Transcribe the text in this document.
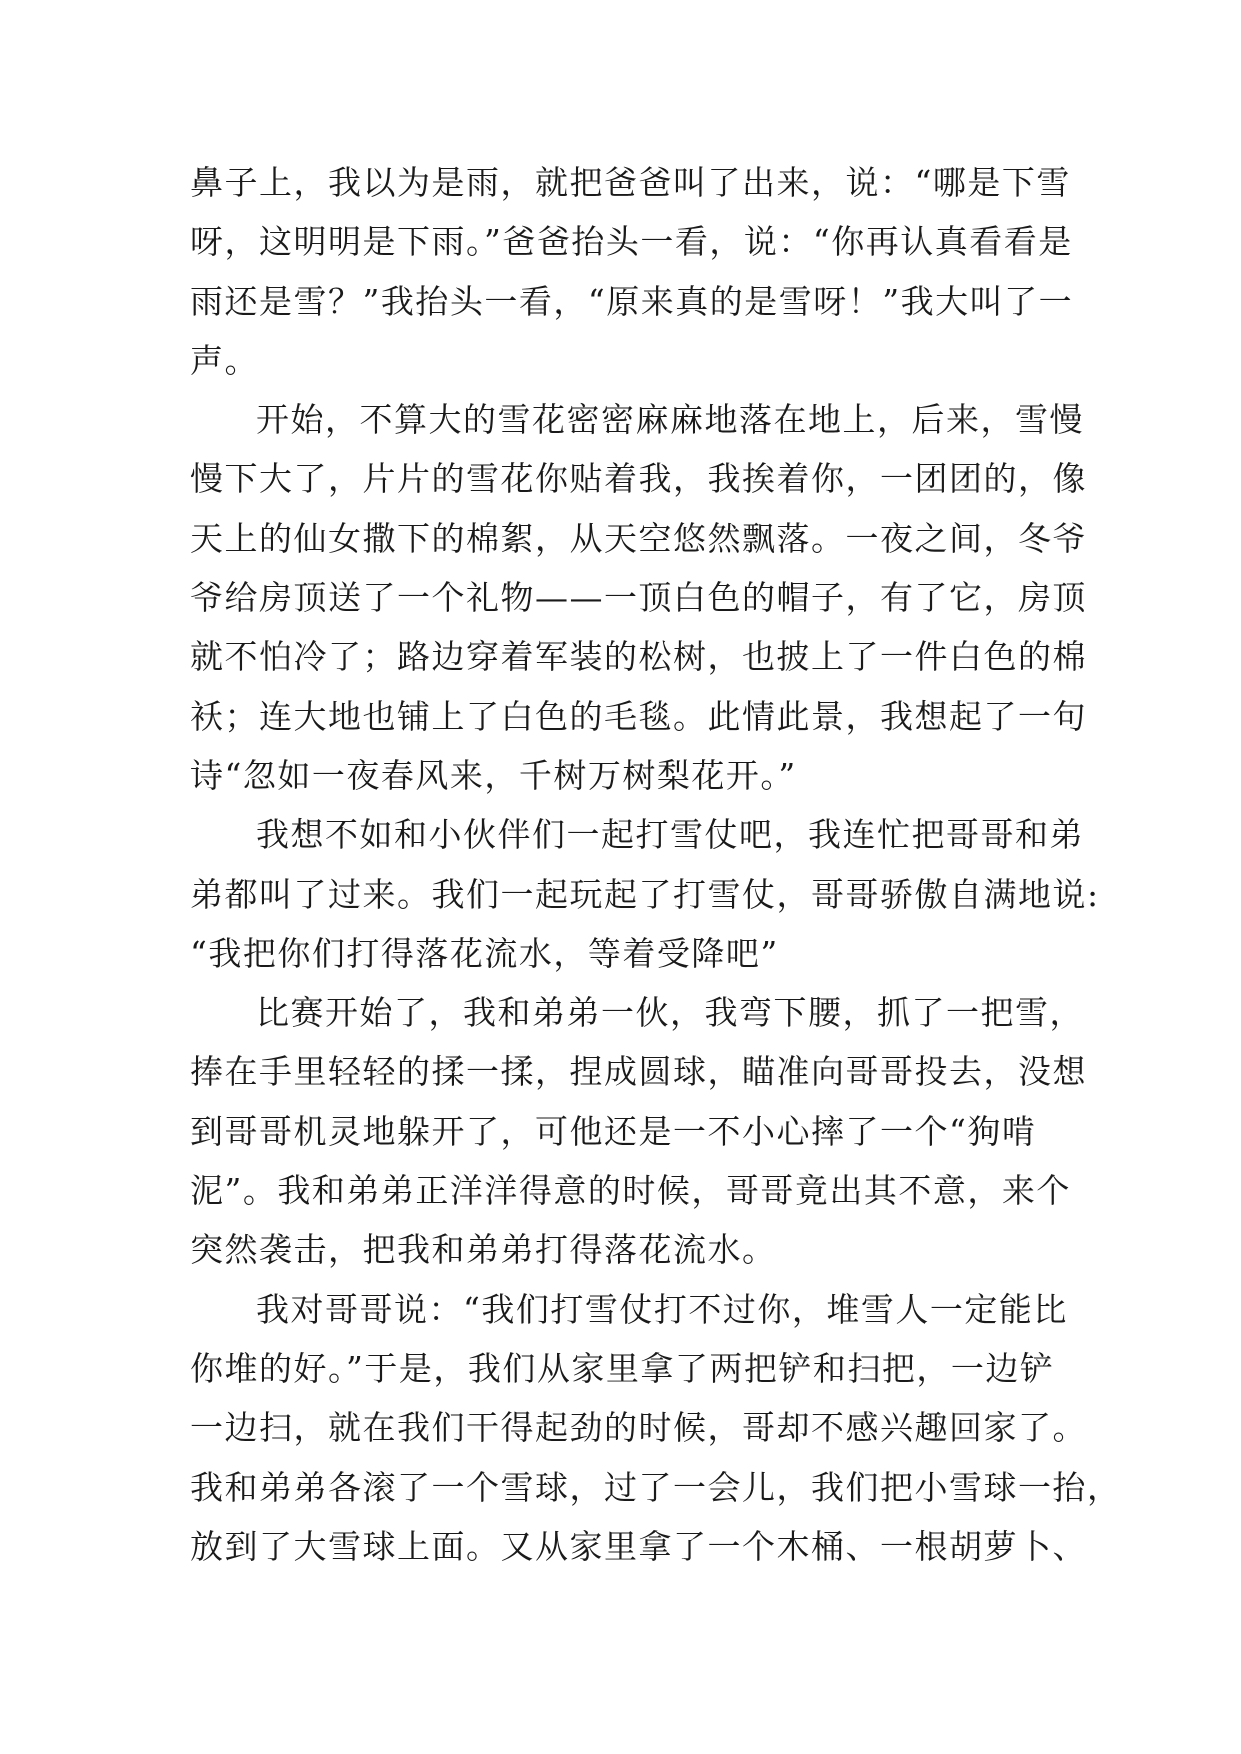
鼻子上，我以为是雨，就把爸爸叫了出来，说：“哪是下雪
呀，这明明是下雨。”爸爸抬头一看，说：“你再认真看看是
雨还是雪？”我抬头一看，“原来真的是雪呀！”我大叫了一
声。
开始，不算大的雪花密密麻麻地落在地上，后来，雪慢
慢下大了，片片的雪花你贴着我，我挨着你，一团团的，像
天上的仙女撒下的棉絮，从天空悠然飘落。一夜之间，冬爷
爷给房顶送了一个礼物——一顶白色的帽子，有了它，房顶
就不怕冷了；路边穿着军装的松树，也披上了一件白色的棉
袄；连大地也铺上了白色的毛毯。此情此景，我想起了一句
诗“忽如一夜春风来，千树万树梨花开。”
我想不如和小伙伴们一起打雪仗吧，我连忙把哥哥和弟
弟都叫了过来。我们一起玩起了打雪仗，哥哥骄傲自满地说:
“我把你们打得落花流水，等着受降吧”
比赛开始了，我和弟弟一伙，我弯下腰，抓了一把雪，
捧在手里轻轻的揉一揉，捏成圆球，瞄准向哥哥投去，没想
到哥哥机灵地躲开了，可他还是一不小心摔了一个“狗啃
泥”。我和弟弟正洋洋得意的时候，哥哥竟出其不意，来个
突然袭击，把我和弟弟打得落花流水。
我对哥哥说：“我们打雪仗打不过你，堆雪人一定能比
你堆的好。”于是，我们从家里拿了两把铲和扫把，一边铲
一边扫，就在我们干得起劲的时候，哥却不感兴趣回家了。
我和弟弟各滚了一个雪球，过了一会儿，我们把小雪球一抬，
放到了大雪球上面。又从家里拿了一个木桶、一根胡萝卜、
